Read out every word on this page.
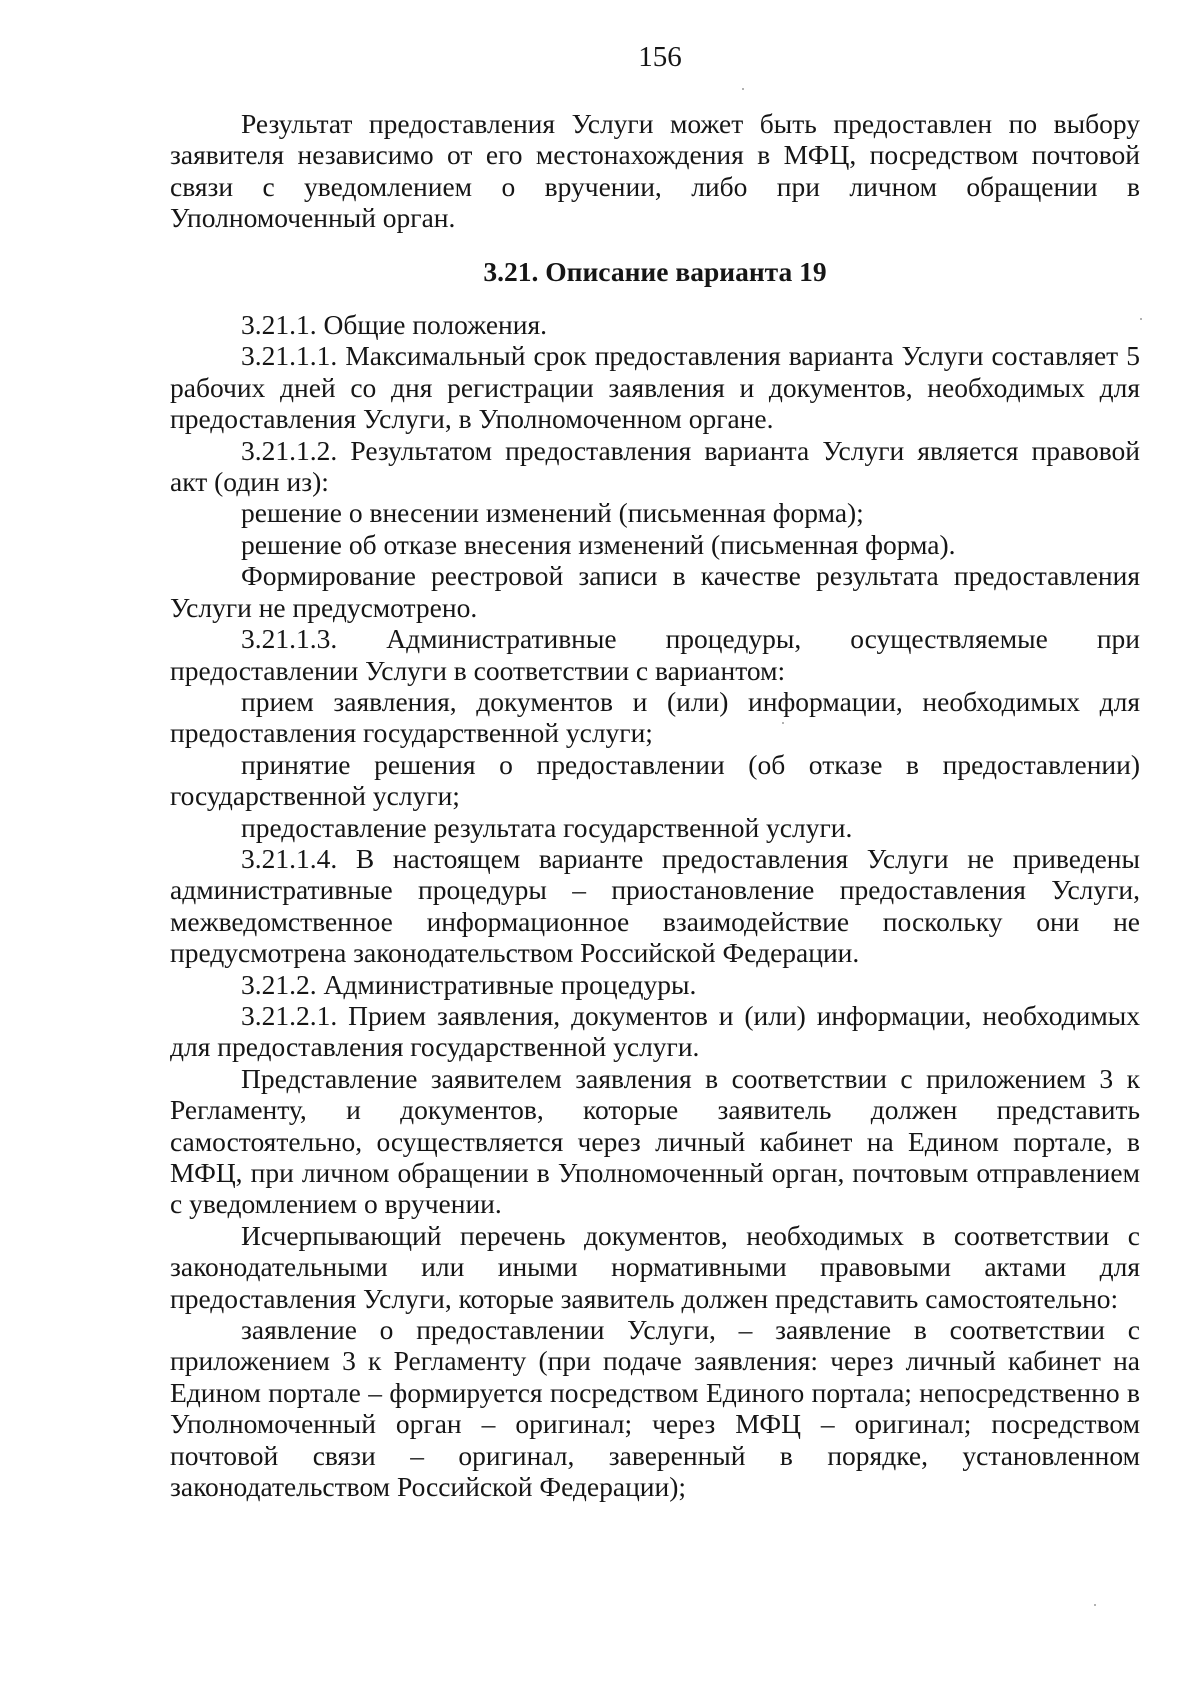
156

Результат предоставления Услуги может быть предоставлен по выбору заявителя независимо от его местонахождения в МФЦ, посредством почтовой связи с уведомлением о вручении, либо при личном обращении в Уполномоченный орган.

3.21. Описание варианта 19

3.21.1. Общие положения.

3.21.1.1. Максимальный срок предоставления варианта Услуги составляет 5 рабочих дней со дня регистрации заявления и документов, необходимых для предоставления Услуги, в Уполномоченном органе.

3.21.1.2. Результатом предоставления варианта Услуги является правовой акт (один из):

решение о внесении изменений (письменная форма);

решение об отказе внесения изменений (письменная форма).

Формирование реестровой записи в качестве результата предоставления Услуги не предусмотрено.

3.21.1.3. Административные процедуры, осуществляемые при предоставлении Услуги в соответствии с вариантом:

прием заявления, документов и (или) информации, необходимых для предоставления государственной услуги;

принятие решения о предоставлении (об отказе в предоставлении) государственной услуги;

предоставление результата государственной услуги.

3.21.1.4. В настоящем варианте предоставления Услуги не приведены административные процедуры – приостановление предоставления Услуги, межведомственное информационное взаимодействие поскольку они не предусмотрена законодательством Российской Федерации.

3.21.2. Административные процедуры.

3.21.2.1. Прием заявления, документов и (или) информации, необходимых для предоставления государственной услуги.

Представление заявителем заявления в соответствии с приложением 3 к Регламенту, и документов, которые заявитель должен представить самостоятельно, осуществляется через личный кабинет на Едином портале, в МФЦ, при личном обращении в Уполномоченный орган, почтовым отправлением с уведомлением о вручении.

Исчерпывающий перечень документов, необходимых в соответствии с законодательными или иными нормативными правовыми актами для предоставления Услуги, которые заявитель должен представить самостоятельно:

заявление о предоставлении Услуги, – заявление в соответствии с приложением 3 к Регламенту (при подаче заявления: через личный кабинет на Едином портале – формируется посредством Единого портала; непосредственно в Уполномоченный орган – оригинал; через МФЦ – оригинал; посредством почтовой связи – оригинал, заверенный в порядке, установленном законодательством Российской Федерации);
